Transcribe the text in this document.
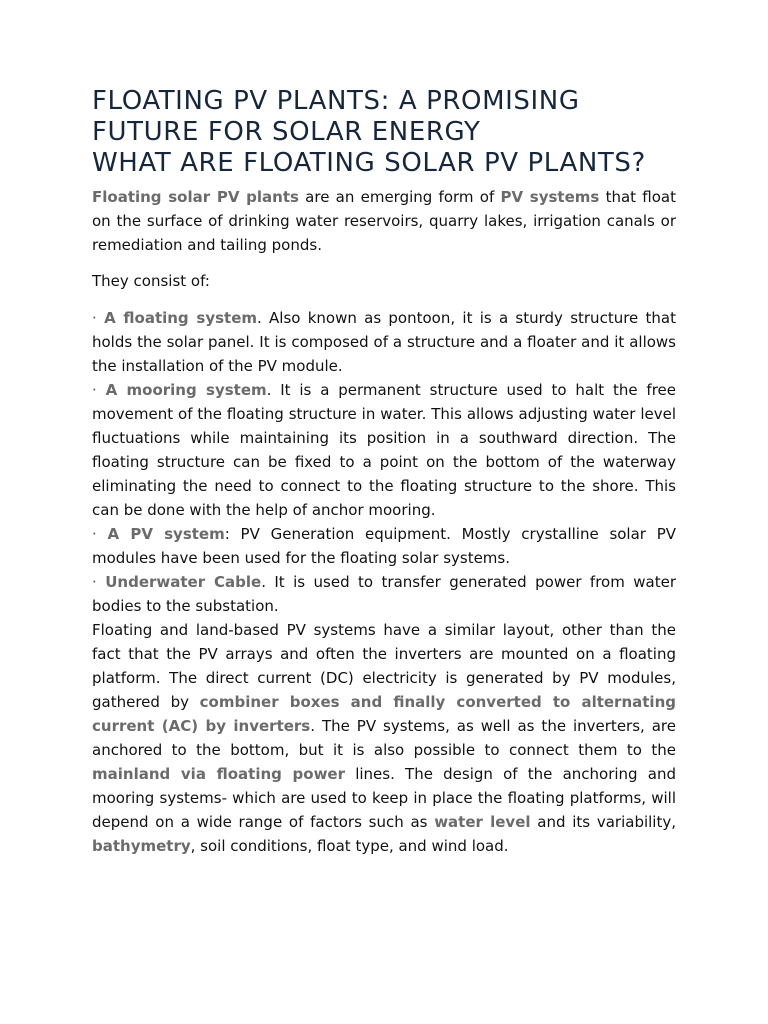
FLOATING PV PLANTS: A PROMISING FUTURE FOR SOLAR ENERGY
WHAT ARE FLOATING SOLAR PV PLANTS?

Floating solar PV plants are an emerging form of PV systems that float on the surface of drinking water reservoirs, quarry lakes, irrigation canals or remediation and tailing ponds.

They consist of:

· A floating system. Also known as pontoon, it is a sturdy structure that holds the solar panel. It is composed of a structure and a floater and it allows the installation of the PV module.

· A mooring system. It is a permanent structure used to halt the free movement of the floating structure in water. This allows adjusting water level fluctuations while maintaining its position in a southward direction. The floating structure can be fixed to a point on the bottom of the waterway eliminating the need to connect to the floating structure to the shore. This can be done with the help of anchor mooring.

· A PV system: PV Generation equipment. Mostly crystalline solar PV modules have been used for the floating solar systems.

· Underwater Cable. It is used to transfer generated power from water bodies to the substation.

Floating and land-based PV systems have a similar layout, other than the fact that the PV arrays and often the inverters are mounted on a floating platform. The direct current (DC) electricity is generated by PV modules, gathered by combiner boxes and finally converted to alternating current (AC) by inverters. The PV systems, as well as the inverters, are anchored to the bottom, but it is also possible to connect them to the mainland via floating power lines. The design of the anchoring and mooring systems- which are used to keep in place the floating platforms, will depend on a wide range of factors such as water level and its variability, bathymetry, soil conditions, float type, and wind load.
